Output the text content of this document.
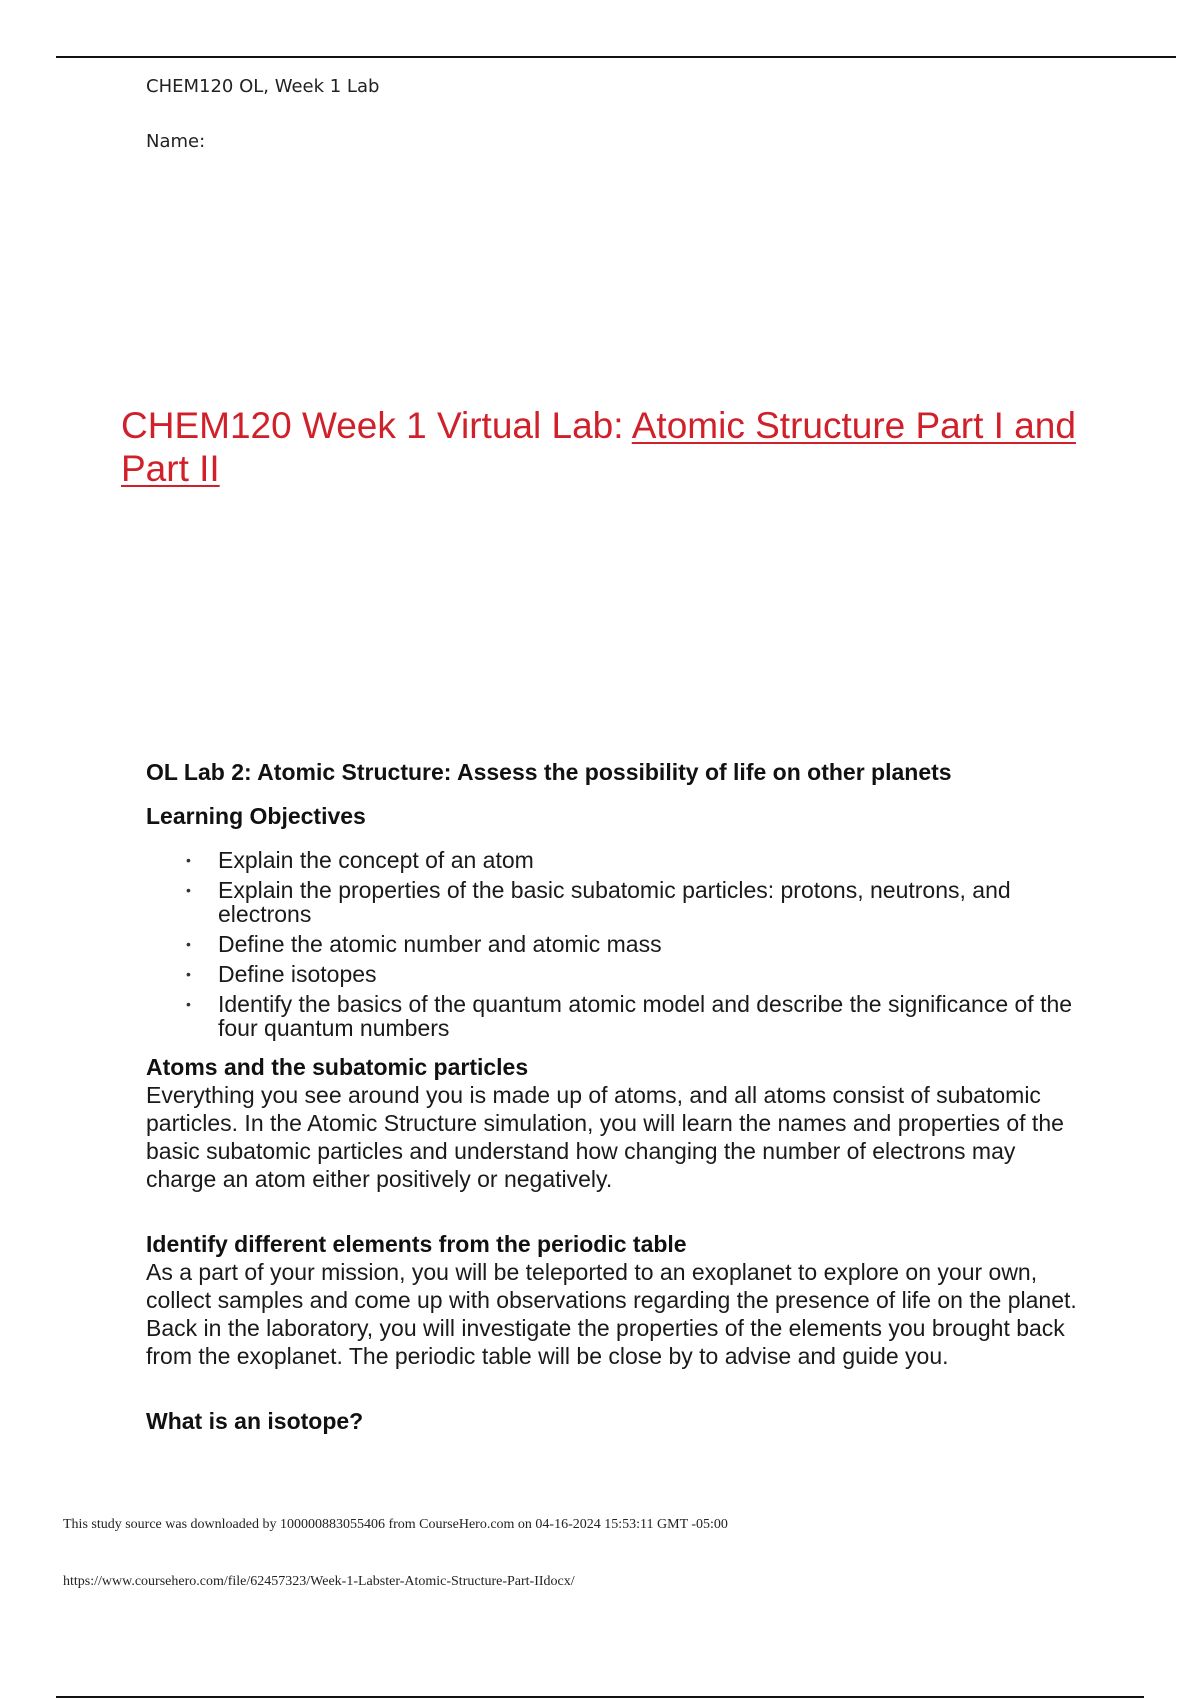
CHEM120 OL, Week 1 Lab
Name:
CHEM120 Week 1 Virtual Lab: Atomic Structure Part I and Part II

OL Lab 2: Atomic Structure: Assess the possibility of life on other planets

Learning Objectives

• Explain the concept of an atom
• Explain the properties of the basic subatomic particles: protons, neutrons, and electrons
• Define the atomic number and atomic mass
• Define isotopes
• Identify the basics of the quantum atomic model and describe the significance of the four quantum numbers

Atoms and the subatomic particles

Everything you see around you is made up of atoms, and all atoms consist of subatomic particles. In the Atomic Structure simulation, you will learn the names and properties of the basic subatomic particles and understand how changing the number of electrons may charge an atom either positively or negatively.

Identify different elements from the periodic table

As a part of your mission, you will be teleported to an exoplanet to explore on your own, collect samples and come up with observations regarding the presence of life on the planet. Back in the laboratory, you will investigate the properties of the elements you brought back from the exoplanet. The periodic table will be close by to advise and guide you.

What is an isotope?

This study source was downloaded by 100000883055406 from CourseHero.com on 04-16-2024 15:53:11 GMT -05:00
https://www.coursehero.com/file/62457323/Week-1-Labster-Atomic-Structure-Part-IIdocx/
